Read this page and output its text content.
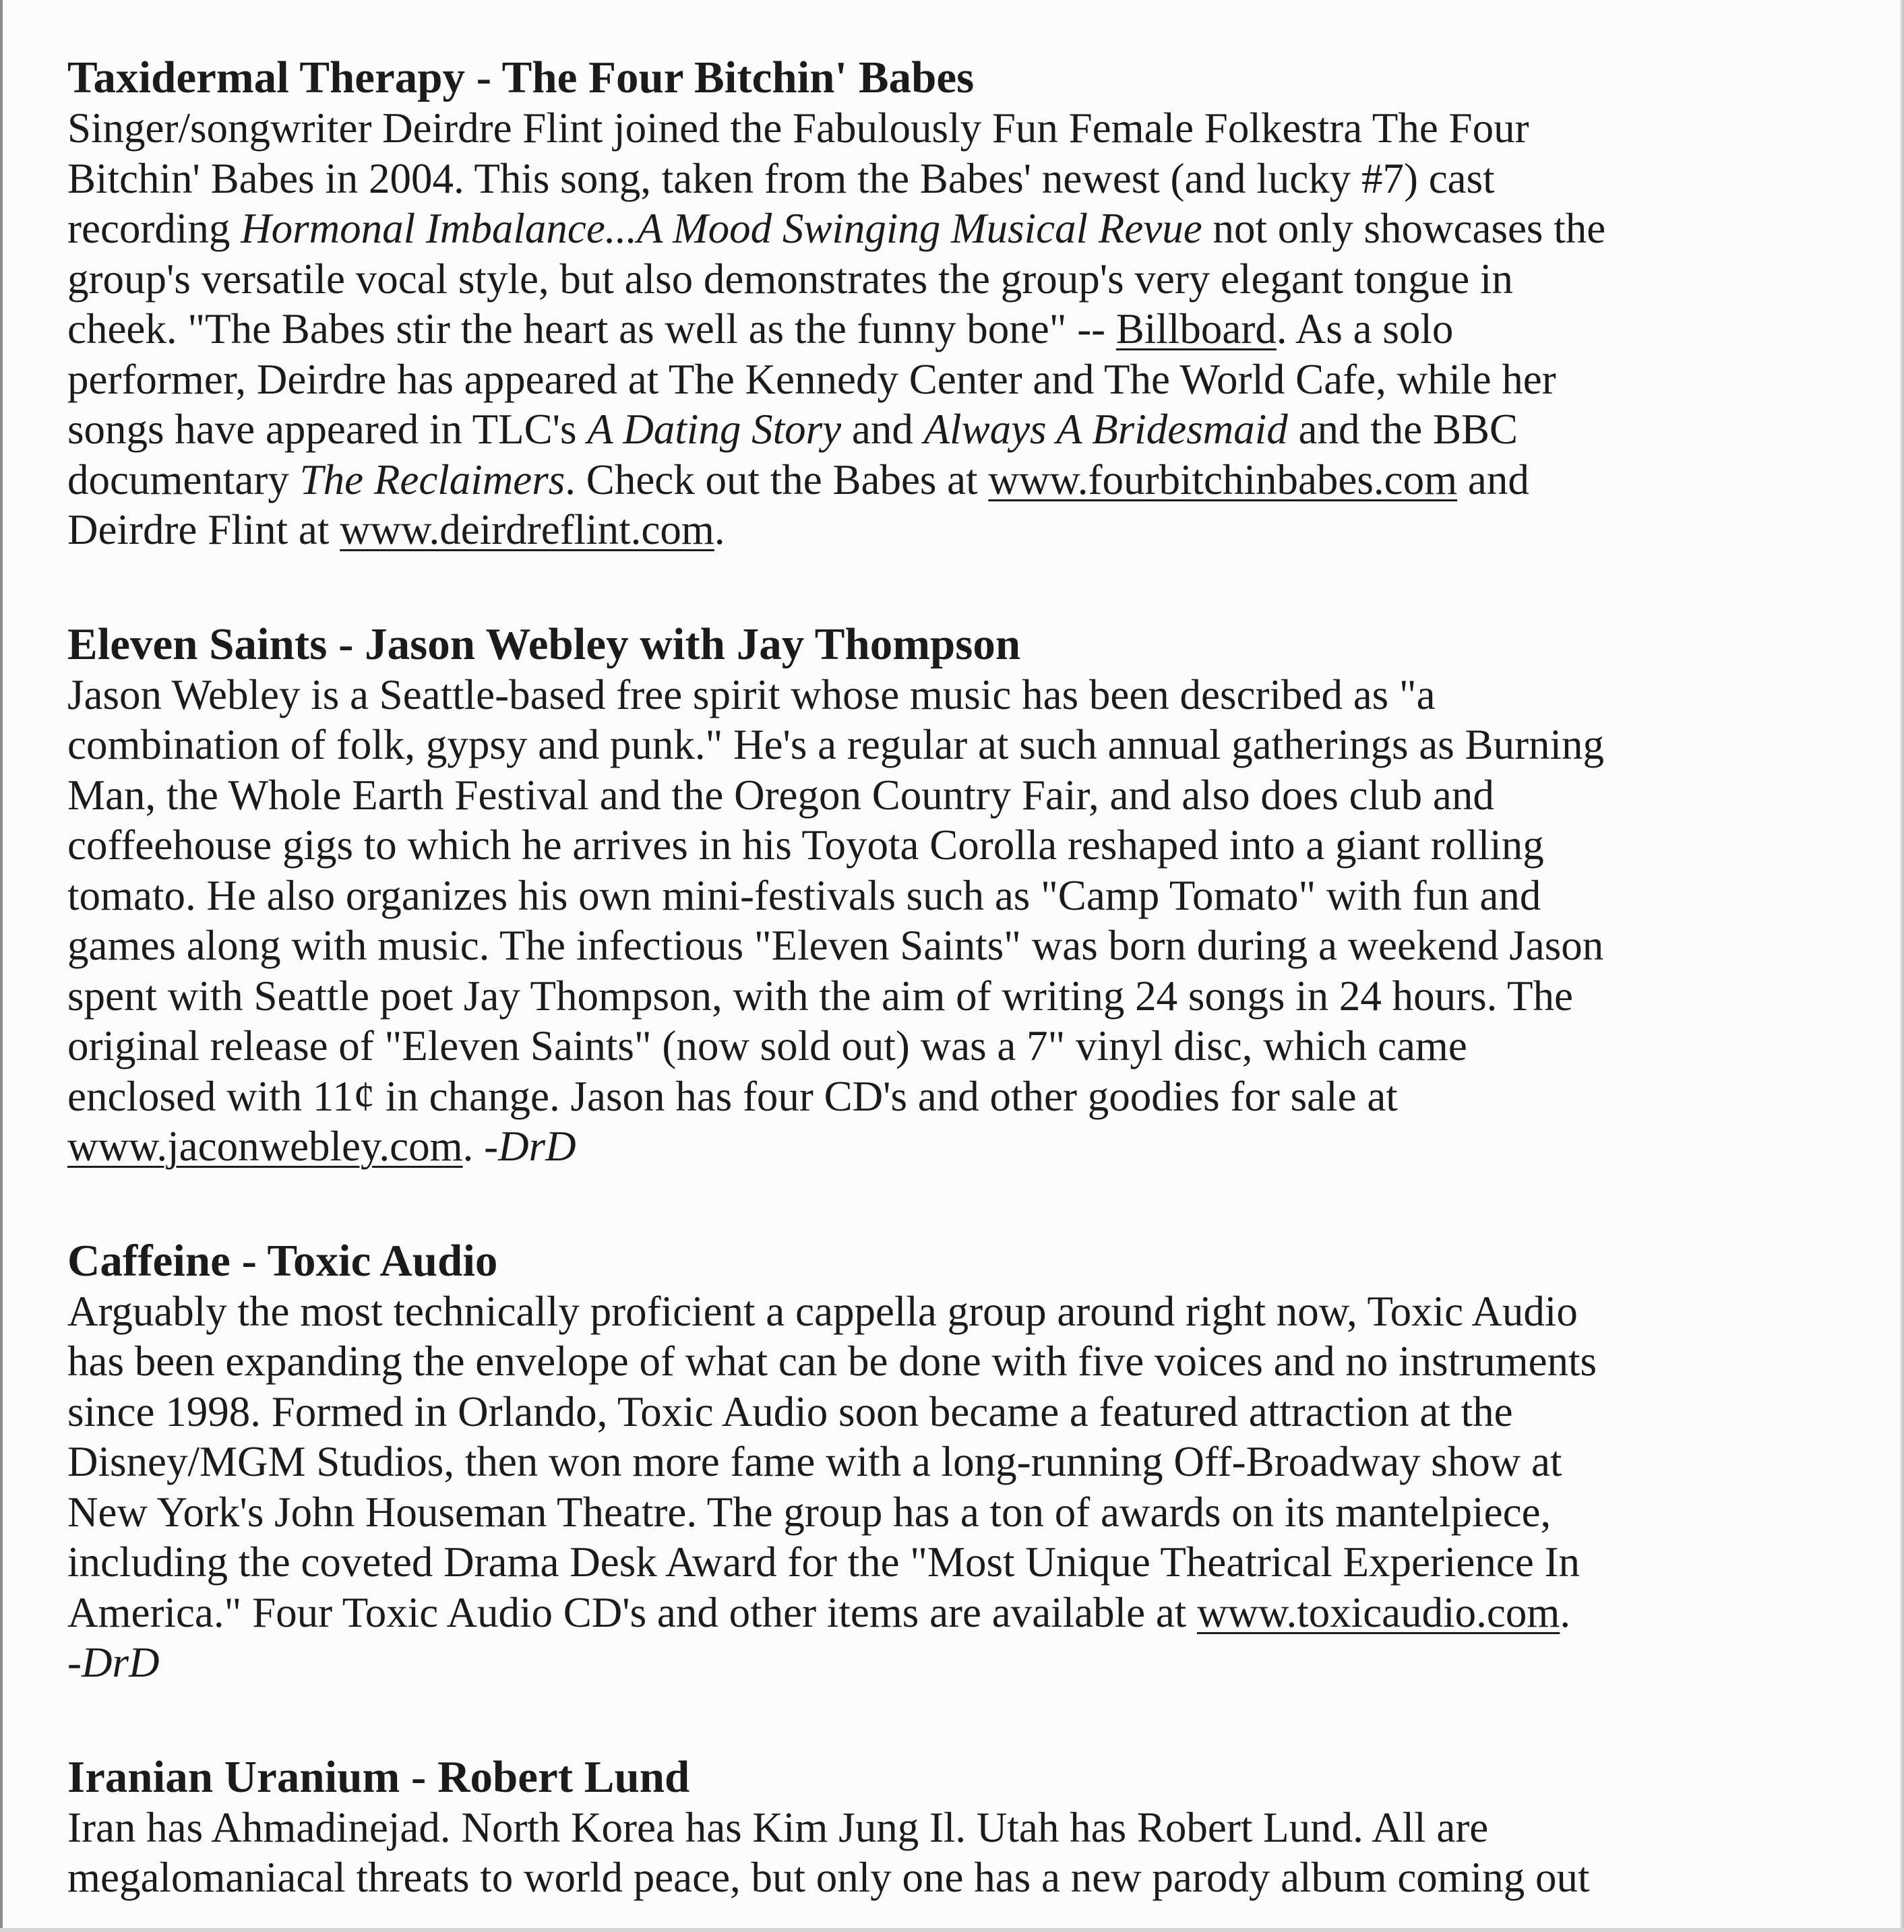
Taxidermal Therapy - The Four Bitchin' Babes

Singer/songwriter Deirdre Flint joined the Fabulously Fun Female Folkestra The Four
Bitchin' Babes in 2004. This song, taken from the Babes' newest (and lucky #7) cast
recording Hormonal Imbalance...A Mood Swinging Musical Revue not only showcases the
group's versatile vocal style, but also demonstrates the group's very elegant tongue in
cheek. "The Babes stir the heart as well as the funny bone" -- Billboard. As a solo
performer, Deirdre has appeared at The Kennedy Center and The World Cafe, while her
songs have appeared in TLC's A Dating Story and Always A Bridesmaid and the BBC
documentary The Reclaimers. Check out the Babes at www.fourbitchinbabes.com and
Deirdre Flint at www.deirdreflint.com.

Eleven Saints - Jason Webley with Jay Thompson

Jason Webley is a Seattle-based free spirit whose music has been described as "a
combination of folk, gypsy and punk." He's a regular at such annual gatherings as Burning
Man, the Whole Earth Festival and the Oregon Country Fair, and also does club and
coffeehouse gigs to which he arrives in his Toyota Corolla reshaped into a giant rolling
tomato. He also organizes his own mini-festivals such as "Camp Tomato" with fun and
games along with music. The infectious "Eleven Saints" was born during a weekend Jason
spent with Seattle poet Jay Thompson, with the aim of writing 24 songs in 24 hours. The
original release of "Eleven Saints" (now sold out) was a 7" vinyl disc, which came
enclosed with 11¢ in change. Jason has four CD's and other goodies for sale at
www.jaconwebley.com. -DrD

Caffeine - Toxic Audio

Arguably the most technically proficient a cappella group around right now, Toxic Audio
has been expanding the envelope of what can be done with five voices and no instruments
since 1998. Formed in Orlando, Toxic Audio soon became a featured attraction at the
Disney/MGM Studios, then won more fame with a long-running Off-Broadway show at
New York's John Houseman Theatre. The group has a ton of awards on its mantelpiece,
including the coveted Drama Desk Award for the "Most Unique Theatrical Experience In
America." Four Toxic Audio CD's and other items are available at www.toxicaudio.com.
-DrD

Iranian Uranium - Robert Lund

Iran has Ahmadinejad. North Korea has Kim Jung Il. Utah has Robert Lund. All are
megalomaniacal threats to world peace, but only one has a new parody album coming out
